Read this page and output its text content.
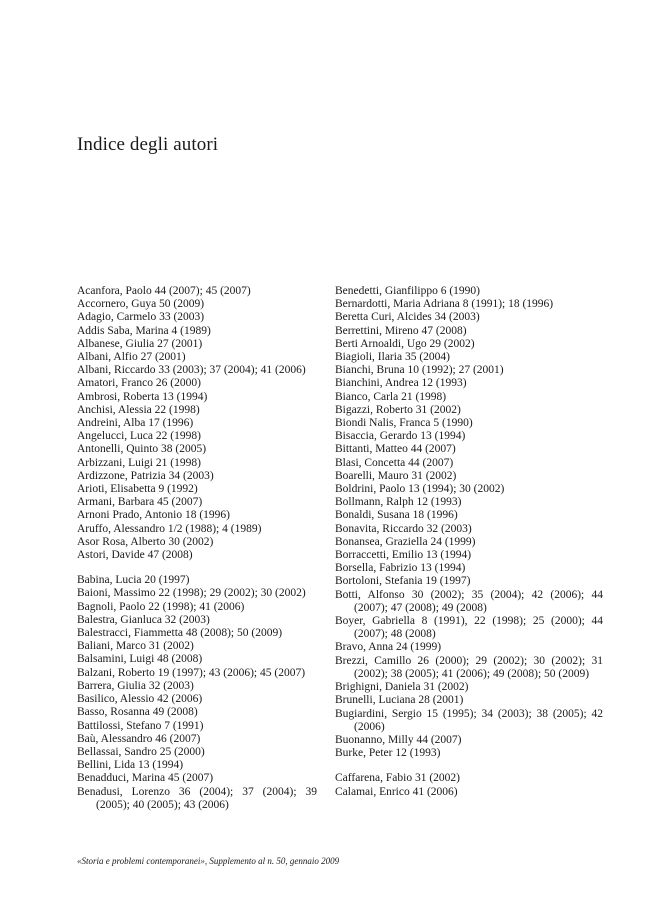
Indice degli autori
Acanfora, Paolo 44 (2007); 45 (2007)
Accornero, Guya 50 (2009)
Adagio, Carmelo 33 (2003)
Addis Saba, Marina 4 (1989)
Albanese, Giulia 27 (2001)
Albani, Alfio 27 (2001)
Albani, Riccardo 33 (2003); 37 (2004); 41 (2006)
Amatori, Franco 26 (2000)
Ambrosi, Roberta 13 (1994)
Anchisi, Alessia 22 (1998)
Andreini, Alba 17 (1996)
Angelucci, Luca 22 (1998)
Antonelli, Quinto 38 (2005)
Arbizzani, Luigi 21 (1998)
Ardizzone, Patrizia 34 (2003)
Arioti, Elisabetta 9 (1992)
Armani, Barbara 45 (2007)
Arnoni Prado, Antonio 18 (1996)
Aruffo, Alessandro 1/2 (1988); 4 (1989)
Asor Rosa, Alberto 30 (2002)
Astori, Davide 47 (2008)
Babina, Lucia 20 (1997)
Baioni, Massimo 22 (1998); 29 (2002); 30 (2002)
Bagnoli, Paolo 22 (1998); 41 (2006)
Balestra, Gianluca 32 (2003)
Balestracci, Fiammetta 48 (2008); 50 (2009)
Baliani, Marco 31 (2002)
Balsamini, Luigi 48 (2008)
Balzani, Roberto 19 (1997); 43 (2006); 45 (2007)
Barrera, Giulia 32 (2003)
Basilico, Alessio 42 (2006)
Basso, Rosanna 49 (2008)
Battilossi, Stefano 7 (1991)
Baù, Alessandro 46 (2007)
Bellassai, Sandro 25 (2000)
Bellini, Lida 13 (1994)
Benadduci, Marina 45 (2007)
Benadusi, Lorenzo 36 (2004); 37 (2004); 39 (2005); 40 (2005); 43 (2006)
Benedetti, Gianfilippo 6 (1990)
Bernardotti, Maria Adriana 8 (1991); 18 (1996)
Beretta Curi, Alcides 34 (2003)
Berrettini, Mireno 47 (2008)
Berti Arnoaldi, Ugo 29 (2002)
Biagioli, Ilaria 35 (2004)
Bianchi, Bruna 10 (1992); 27 (2001)
Bianchini, Andrea 12 (1993)
Bianco, Carla 21 (1998)
Bigazzi, Roberto 31 (2002)
Biondi Nalis, Franca 5 (1990)
Bisaccia, Gerardo 13 (1994)
Bittanti, Matteo 44 (2007)
Blasi, Concetta 44 (2007)
Boarelli, Mauro 31 (2002)
Boldrini, Paolo 13 (1994); 30 (2002)
Bollmann, Ralph 12 (1993)
Bonaldi, Susana 18 (1996)
Bonavita, Riccardo 32 (2003)
Bonansea, Graziella 24 (1999)
Borraccetti, Emilio 13 (1994)
Borsella, Fabrizio 13 (1994)
Bortoloni, Stefania 19 (1997)
Botti, Alfonso 30 (2002); 35 (2004); 42 (2006); 44 (2007); 47 (2008); 49 (2008)
Boyer, Gabriella 8 (1991), 22 (1998); 25 (2000); 44 (2007); 48 (2008)
Bravo, Anna 24 (1999)
Brezzi, Camillo 26 (2000); 29 (2002); 30 (2002); 31 (2002); 38 (2005); 41 (2006); 49 (2008); 50 (2009)
Brighigni, Daniela 31 (2002)
Brunelli, Luciana 28 (2001)
Bugiardini, Sergio 15 (1995); 34 (2003); 38 (2005); 42 (2006)
Buonanno, Milly 44 (2007)
Burke, Peter 12 (1993)
Caffarena, Fabio 31 (2002)
Calamai, Enrico 41 (2006)
«Storia e problemi contemporanei», Supplemento al n. 50, gennaio 2009
